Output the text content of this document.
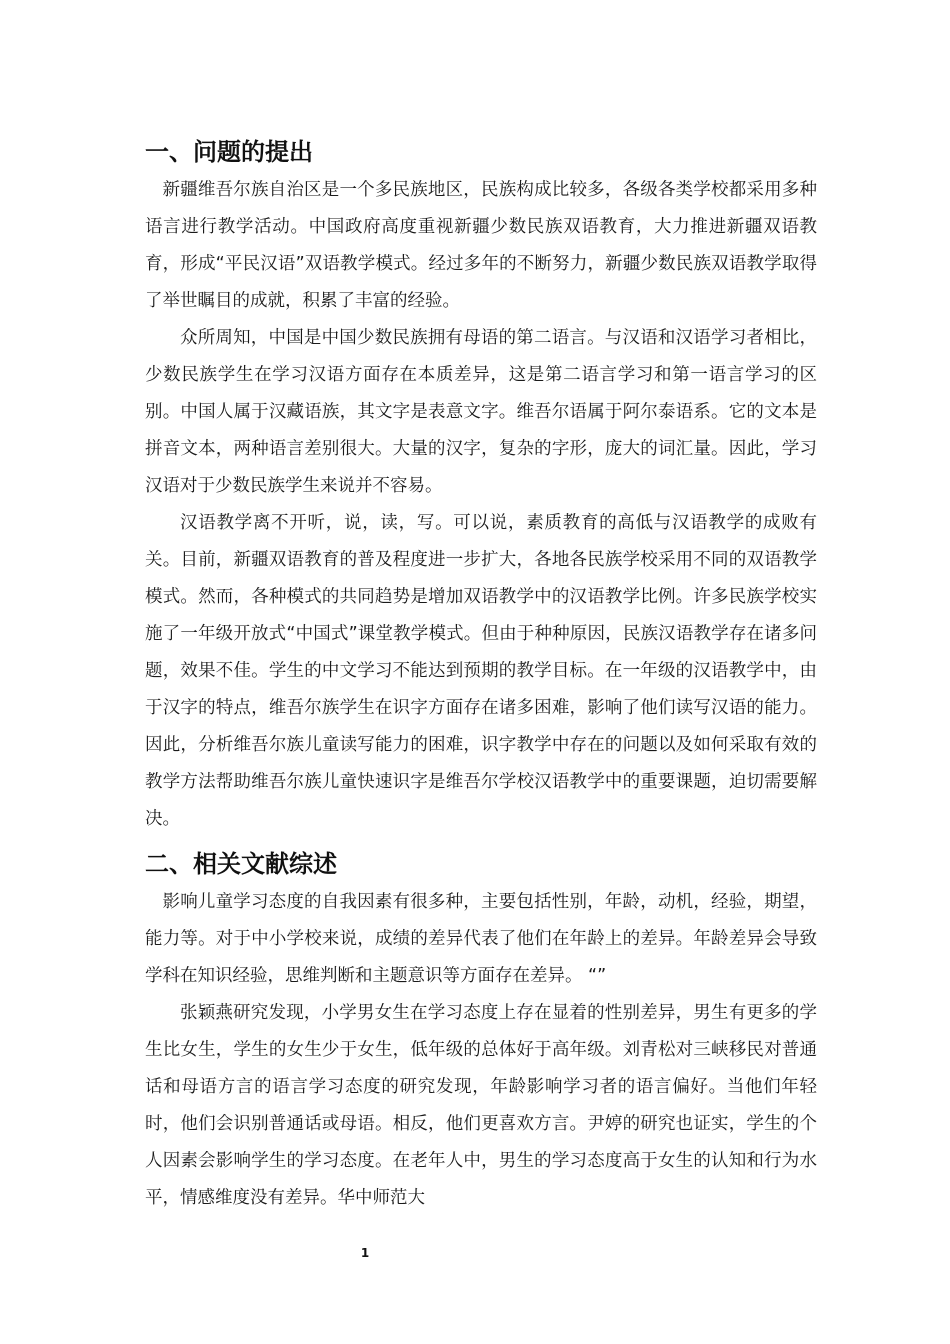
一、问题的提出

新疆维吾尔族自治区是一个多民族地区，民族构成比较多，各级各类学校都采用多种语言进行教学活动。中国政府高度重视新疆少数民族双语教育，大力推进新疆双语教育，形成“平民汉语”双语教学模式。经过多年的不断努力，新疆少数民族双语教学取得了举世瞩目的成就，积累了丰富的经验。

众所周知，中国是中国少数民族拥有母语的第二语言。与汉语和汉语学习者相比，少数民族学生在学习汉语方面存在本质差异，这是第二语言学习和第一语言学习的区别。中国人属于汉藏语族，其文字是表意文字。维吾尔语属于阿尔泰语系。它的文本是拼音文本，两种语言差别很大。大量的汉字，复杂的字形，庞大的词汇量。因此，学习汉语对于少数民族学生来说并不容易。

汉语教学离不开听，说，读，写。可以说，素质教育的高低与汉语教学的成败有关。目前，新疆双语教育的普及程度进一步扩大，各地各民族学校采用不同的双语教学模式。然而，各种模式的共同趋势是增加双语教学中的汉语教学比例。许多民族学校实施了一年级开放式“中国式”课堂教学模式。但由于种种原因，民族汉语教学存在诸多问题，效果不佳。学生的中文学习不能达到预期的教学目标。在一年级的汉语教学中，由于汉字的特点，维吾尔族学生在识字方面存在诸多困难，影响了他们读写汉语的能力。因此，分析维吾尔族儿童读写能力的困难，识字教学中存在的问题以及如何采取有效的教学方法帮助维吾尔族儿童快速识字是维吾尔学校汉语教学中的重要课题，迫切需要解决。

二、相关文献综述

影响儿童学习态度的自我因素有很多种，主要包括性别，年龄，动机，经验，期望，能力等。对于中小学校来说，成绩的差异代表了他们在年龄上的差异。年龄差异会导致学科在知识经验，思维判断和主题意识等方面存在差异。 “”

张颖燕研究发现，小学男女生在学习态度上存在显着的性别差异，男生有更多的学生比女生，学生的女生少于女生，低年级的总体好于高年级。刘青松对三峡移民对普通话和母语方言的语言学习态度的研究发现，年龄影响学习者的语言偏好。当他们年轻时，他们会识别普通话或母语。相反，他们更喜欢方言。尹婷的研究也证实，学生的个人因素会影响学生的学习态度。在老年人中，男生的学习态度高于女生的认知和行为水平，情感维度没有差异。华中师范大

1
